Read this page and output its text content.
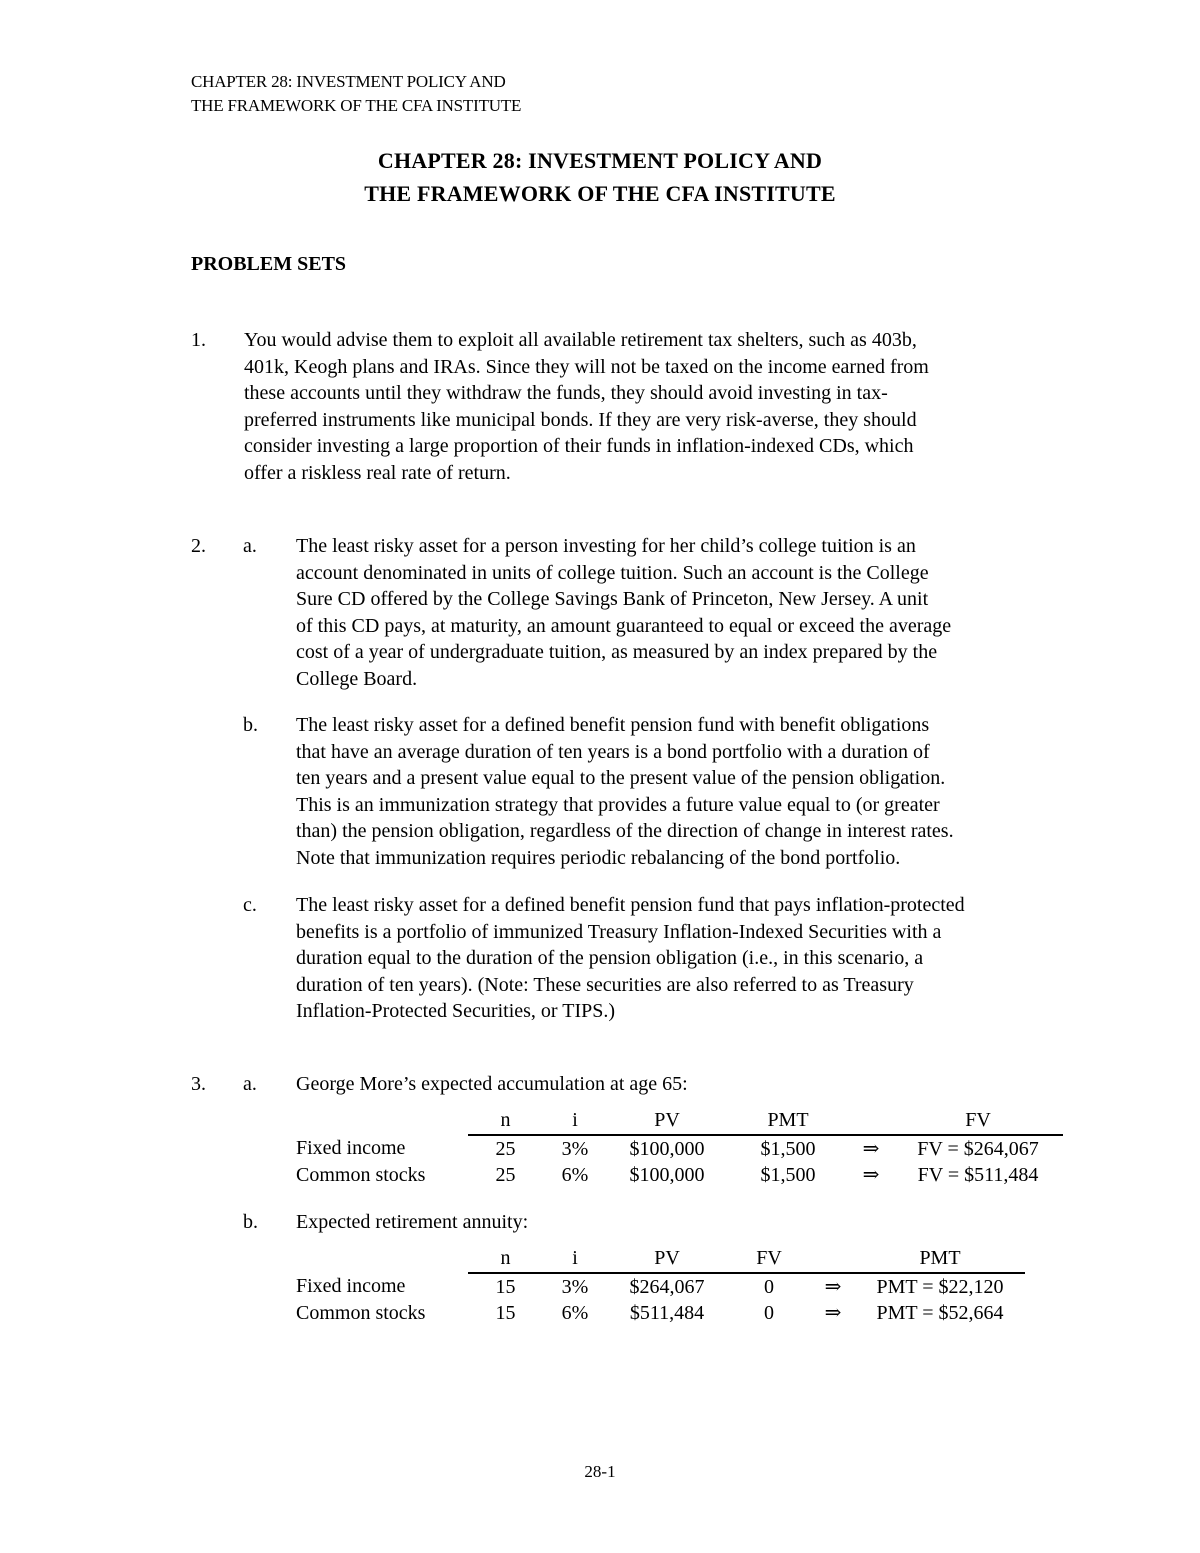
CHAPTER 28: INVESTMENT POLICY AND
THE FRAMEWORK OF THE CFA INSTITUTE
CHAPTER 28: INVESTMENT POLICY AND
THE FRAMEWORK OF THE CFA INSTITUTE
PROBLEM SETS
1. You would advise them to exploit all available retirement tax shelters, such as 403b,
401k, Keogh plans and IRAs. Since they will not be taxed on the income earned from
these accounts until they withdraw the funds, they should avoid investing in tax-
preferred instruments like municipal bonds. If they are very risk-averse, they should
consider investing a large proportion of their funds in inflation-indexed CDs, which
offer a riskless real rate of return.
2. a. The least risky asset for a person investing for her child’s college tuition is an
account denominated in units of college tuition. Such an account is the College
Sure CD offered by the College Savings Bank of Princeton, New Jersey. A unit
of this CD pays, at maturity, an amount guaranteed to equal or exceed the average
cost of a year of undergraduate tuition, as measured by an index prepared by the
College Board.
b. The least risky asset for a defined benefit pension fund with benefit obligations
that have an average duration of ten years is a bond portfolio with a duration of
ten years and a present value equal to the present value of the pension obligation.
This is an immunization strategy that provides a future value equal to (or greater
than) the pension obligation, regardless of the direction of change in interest rates.
Note that immunization requires periodic rebalancing of the bond portfolio.
c. The least risky asset for a defined benefit pension fund that pays inflation-protected
benefits is a portfolio of immunized Treasury Inflation-Indexed Securities with a
duration equal to the duration of the pension obligation (i.e., in this scenario, a
duration of ten years). (Note: These securities are also referred to as Treasury
Inflation-Protected Securities, or TIPS.)
3. a. George More’s expected accumulation at age 65:
	n	i	PV	PMT		FV
Fixed income	25	3%	$100,000	$1,500	⇒	FV = $264,067
Common stocks	25	6%	$100,000	$1,500	⇒	FV = $511,484
b. Expected retirement annuity:
	n	i	PV	FV		PMT
Fixed income	15	3%	$264,067	0	⇒	PMT = $22,120
Common stocks	15	6%	$511,484	0	⇒	PMT = $52,664
28-1
